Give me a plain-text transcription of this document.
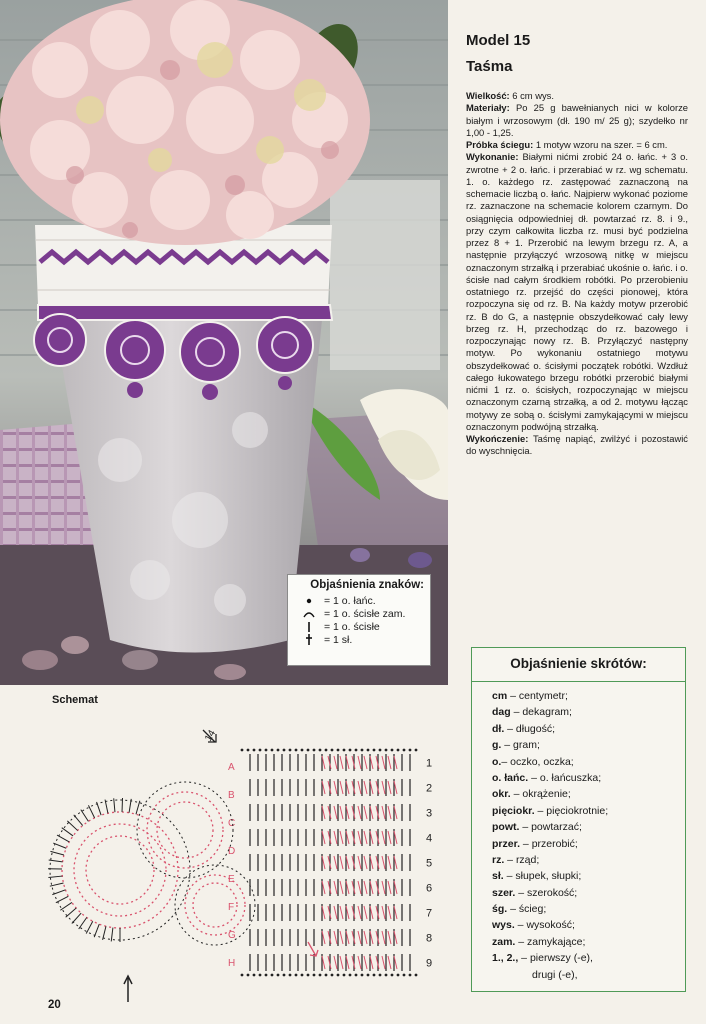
Objaśnienia znaków:
= 1 o. łańc.
= 1 o. ścisłe zam.
= 1 o. ścisłe
= 1 sł.
Model 15
Taśma

Wielkość: 6 cm wys.

Materiały: Po 25 g bawełnianych nici w kolorze białym i wrzosowym (dł. 190 m/ 25 g); szydełko nr 1,00 - 1,25.

Próbka ściegu: 1 motyw wzoru na szer. = 6 cm.

Wykonanie: Białymi nićmi zrobić 24 o. łańc. + 3 o. zwrotne + 2 o. łańc. i przerabiać w rz. wg schematu. 1. o. każdego rz. zastępować zaznaczoną na schemacie liczbą o. łańc. Najpierw wykonać poziome rz. zaznaczone na schemacie kolorem czarnym. Do osiągnięcia odpowiedniej dł. powtarzać rz. 8. i 9., przy czym całkowita liczba rz. musi być podzielna przez 8 + 1. Przerobić na lewym brzegu rz. A, a następnie przyłączyć wrzosową nitkę w miejscu oznaczonym strzałką i przerabiać ukośnie o. łańc. i o. ścisłe nad całym środkiem robótki. Po przerobieniu ostatniego rz. przejść do części pionowej, która rozpoczyna się od rz. B. Na każdy motyw przerobić rz. B do G, a następnie obszydełkować cały lewy brzeg rz. H, przechodząc do rz. bazowego i rozpoczynając nowy rz. B. Przyłączyć następny motyw. Po wykonaniu ostatniego motywu obszydełkować o. ścisłymi początek robótki. Wzdłuż całego łukowatego brzegu robótki przerobić białymi nićmi 1 rz. o. ścisłych, rozpoczynając w miejscu oznaczonym czarną strzałką, a od 2. motywu łącząc motywy ze sobą o. ścisłymi zamykającymi w miejscu oznaczonym podwójną strzałką.

Wykończenie: Taśmę napiąć, zwilżyć i pozostawić do wyschnięcia.

Objaśnienie skrótów:
cm – centymetr;
dag – dekagram;
dł. – długość;
g. – gram;
o.– oczko, oczka;
o. łańc. – o. łańcuszka;
okr. – okrążenie;
pięciokr. – pięciokrotnie;
powt. – powtarzać;
przer. – przerobić;
rz. – rząd;
sł. – słupek, słupki;
szer. – szerokość;
śg. – ścieg;
wys. – wysokość;
zam. – zamykające;
1., 2., – pierwszy (-e),
drugi (-e),
Schemat
9
8
7
6
5
4
3
2
1
A
B
C
D
E
F
G
H
14
20
